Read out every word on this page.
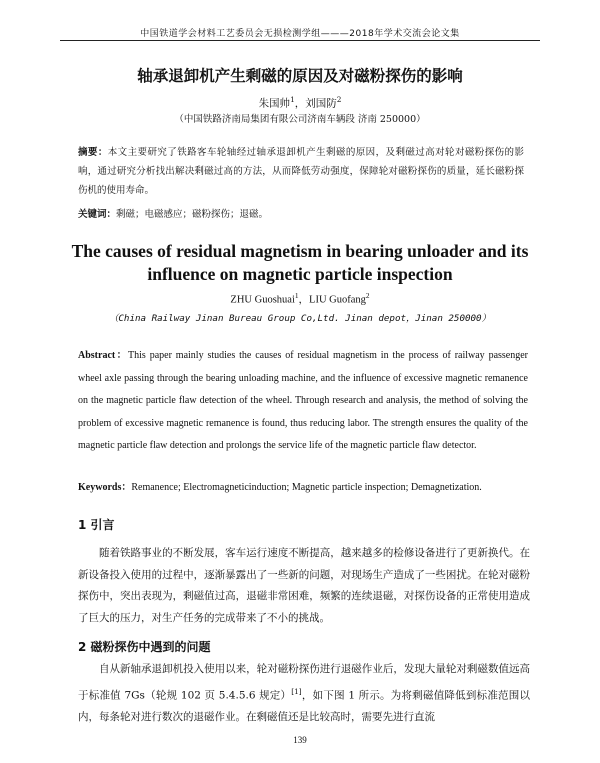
中国铁道学会材料工艺委员会无损检测学组———2018年学术交流会论文集
轴承退卸机产生剩磁的原因及对磁粉探伤的影响
朱国帅$^1$，刘国防$^2$
（中国铁路济南局集团有限公司济南车辆段 济南 250000）
摘要：本文主要研究了铁路客车轮轴经过轴承退卸机产生剩磁的原因，及剩磁过高对轮对磁粉探伤的影响，通过研究分析找出解决剩磁过高的方法，从而降低劳动强度，保障轮对磁粉探伤的质量，延长磁粉探伤机的使用寿命。
关键词：剩磁；电磁感应；磁粉探伤；退磁。
The causes of residual magnetism in bearing unloader and its influence on magnetic particle inspection
ZHU Guoshuai$^1$，LIU Guofang$^2$
（China Railway Jinan Bureau Group Co,Ltd. Jinan depot，Jinan 250000）
Abstract：This paper mainly studies the causes of residual magnetism in the process of railway passenger wheel axle passing through the bearing unloading machine, and the influence of excessive magnetic remanence on the magnetic particle flaw detection of the wheel. Through research and analysis, the method of solving the problem of excessive magnetic remanence is found, thus reducing labor. The strength ensures the quality of the magnetic particle flaw detection and prolongs the service life of the magnetic particle flaw detector.
Keywords：Remanence; Electromagneticinduction; Magnetic particle inspection; Demagnetization.
1 引言
随着铁路事业的不断发展，客车运行速度不断提高，越来越多的检修设备进行了更新换代。在新设备投入使用的过程中，逐渐暴露出了一些新的问题，对现场生产造成了一些困扰。在轮对磁粉探伤中，突出表现为，剩磁值过高，退磁非常困难，频繁的连续退磁，对探伤设备的正常使用造成了巨大的压力，对生产任务的完成带来了不小的挑战。
2 磁粉探伤中遇到的问题
自从新轴承退卸机投入使用以来，轮对磁粉探伤进行退磁作业后，发现大量轮对剩磁数值远高于标准值 7Gs（轮规 102 页 5.4.5.6 规定）[1]，如下图 1 所示。为将剩磁值降低到标准范围以内，每条轮对进行数次的退磁作业。在剩磁值还是比较高时，需要先进行直流
139
